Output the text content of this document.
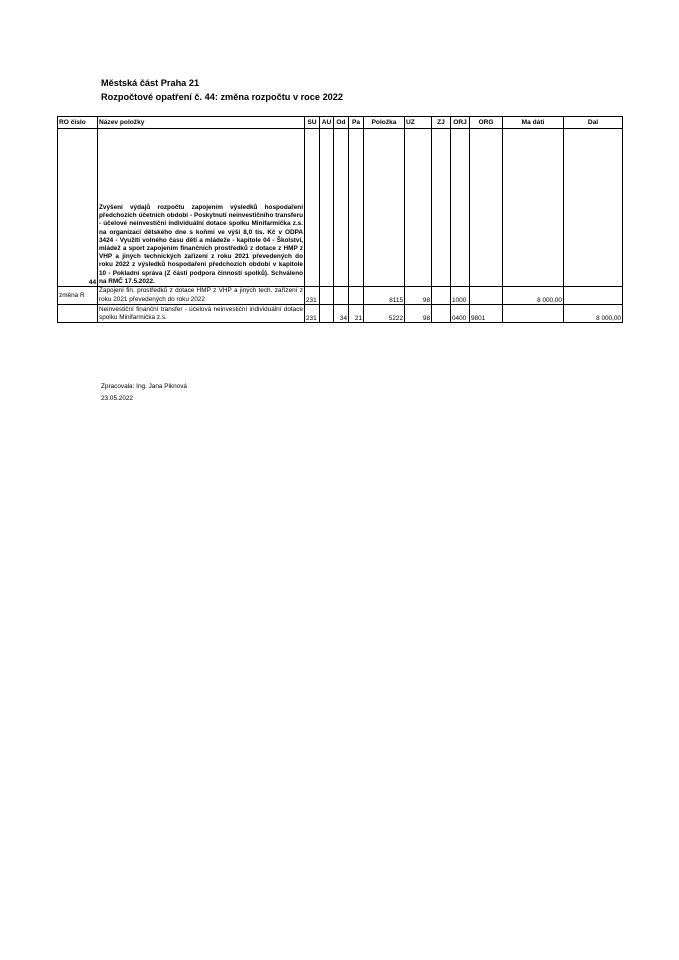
Městská část Praha 21
Rozpočtové opatření č. 44: změna rozpočtu v roce 2022
RO číslo	Název položky	SU	AU	Od	Pa	Položka	UZ	ZJ	ORJ	ORG	Ma dáti	Dal
44	Zvýšení výdajů rozpočtu zapojením výsledků hospodaření předchozích účetních období - Poskytnutí neinvestičního transferu - účelové neinvestiční individuální dotace spolku Minifarmička z.s. na organizaci dětského dne s koňmi ve výši 8,0 tis. Kč v ODPA 3424 - Využití volného času dětí a mládeže - kapitole 04 - Školství, mládež a sport zapojením finančních prostředků z dotace z HMP z VHP a jiných technických zařízení z roku 2021 převedených do roku 2022 z výsledků hospodaření předchozích období v kapitole 10 - Pokladní správa (Z části podpora činnosti spolků). Schváleno na RMČ 17.5.2022.											
změna R	Zapojení fin. prostředků z dotace HMP z VHP a jiných tech. zařízení z roku 2021 převedených do roku 2022	231				8115	98		1000		8 000,00	
	Neinvestiční finanční transfer - účelová neinvestiční individuální dotace spolku Minifarmička z.s.	231		34	21	5222	98		0400	9801		8 000,00
Zpracovala: Ing. Jana Piknová
23.05.2022
